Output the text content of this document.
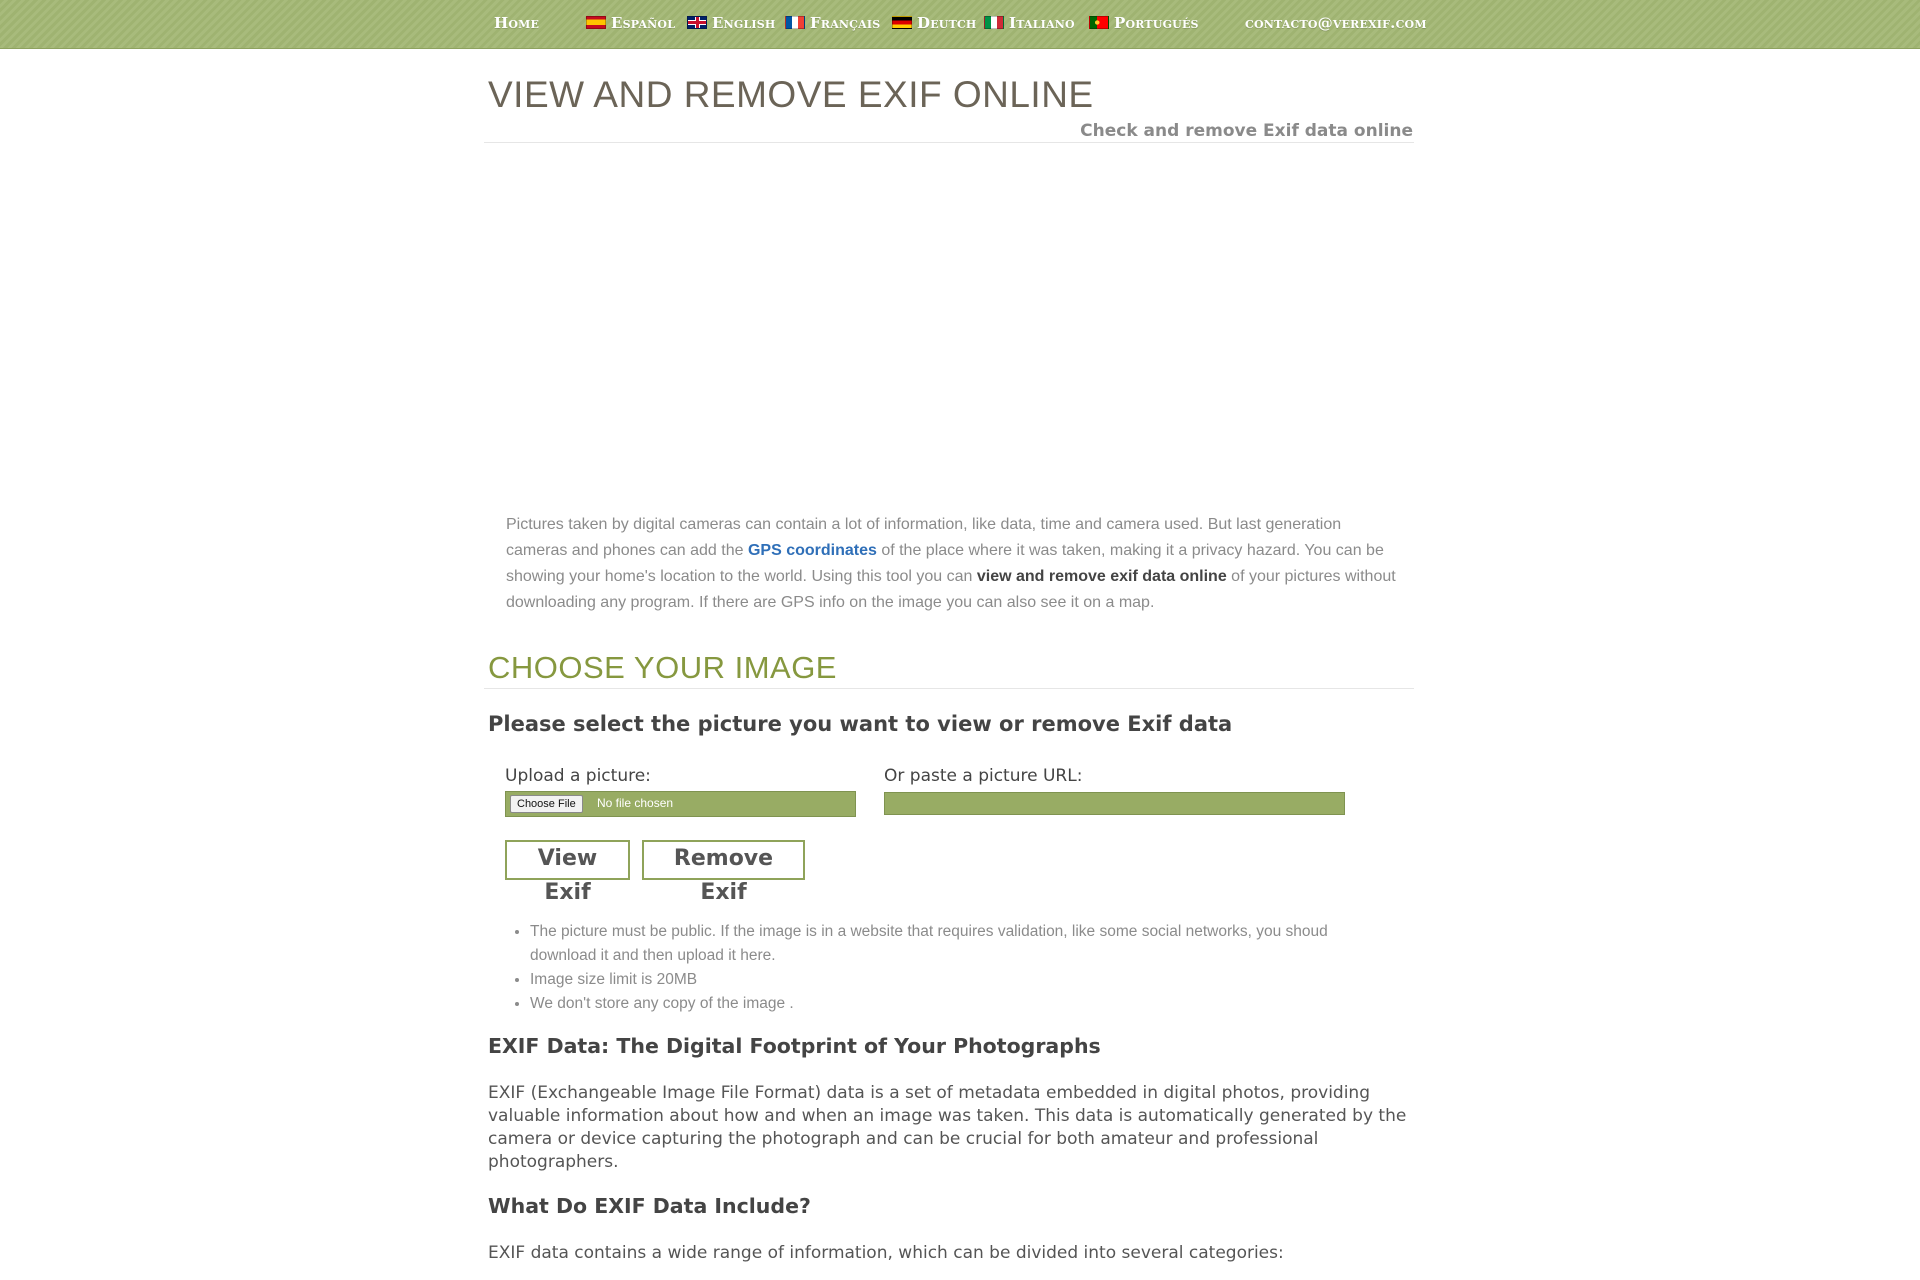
Home	Español	English	Français	Deutch	Italiano	Portugués	contacto@verexif.com
VIEW AND REMOVE EXIF ONLINE
Check and remove Exif data online

Pictures taken by digital cameras can contain a lot of information, like data, time and camera used. But last generation cameras and phones can add the GPS coordinates of the place where it was taken, making it a privacy hazard. You can be showing your home's location to the world. Using this tool you can view and remove exif data online of your pictures without downloading any program. If there are GPS info on the image you can also see it on a map.

CHOOSE YOUR IMAGE
Please select the picture you want to view or remove Exif data
Upload a picture:
Choose File	No file chosen
Or paste a picture URL:
View Exif
Remove Exif
• The picture must be public. If the image is in a website that requires validation, like some social networks, you shoud download it and then upload it here.
• Image size limit is 20MB
• We don't store any copy of the image .
EXIF Data: The Digital Footprint of Your Photographs

EXIF (Exchangeable Image File Format) data is a set of metadata embedded in digital photos, providing valuable information about how and when an image was taken. This data is automatically generated by the camera or device capturing the photograph and can be crucial for both amateur and professional photographers.

What Do EXIF Data Include?

EXIF data contains a wide range of information, which can be divided into several categories:
